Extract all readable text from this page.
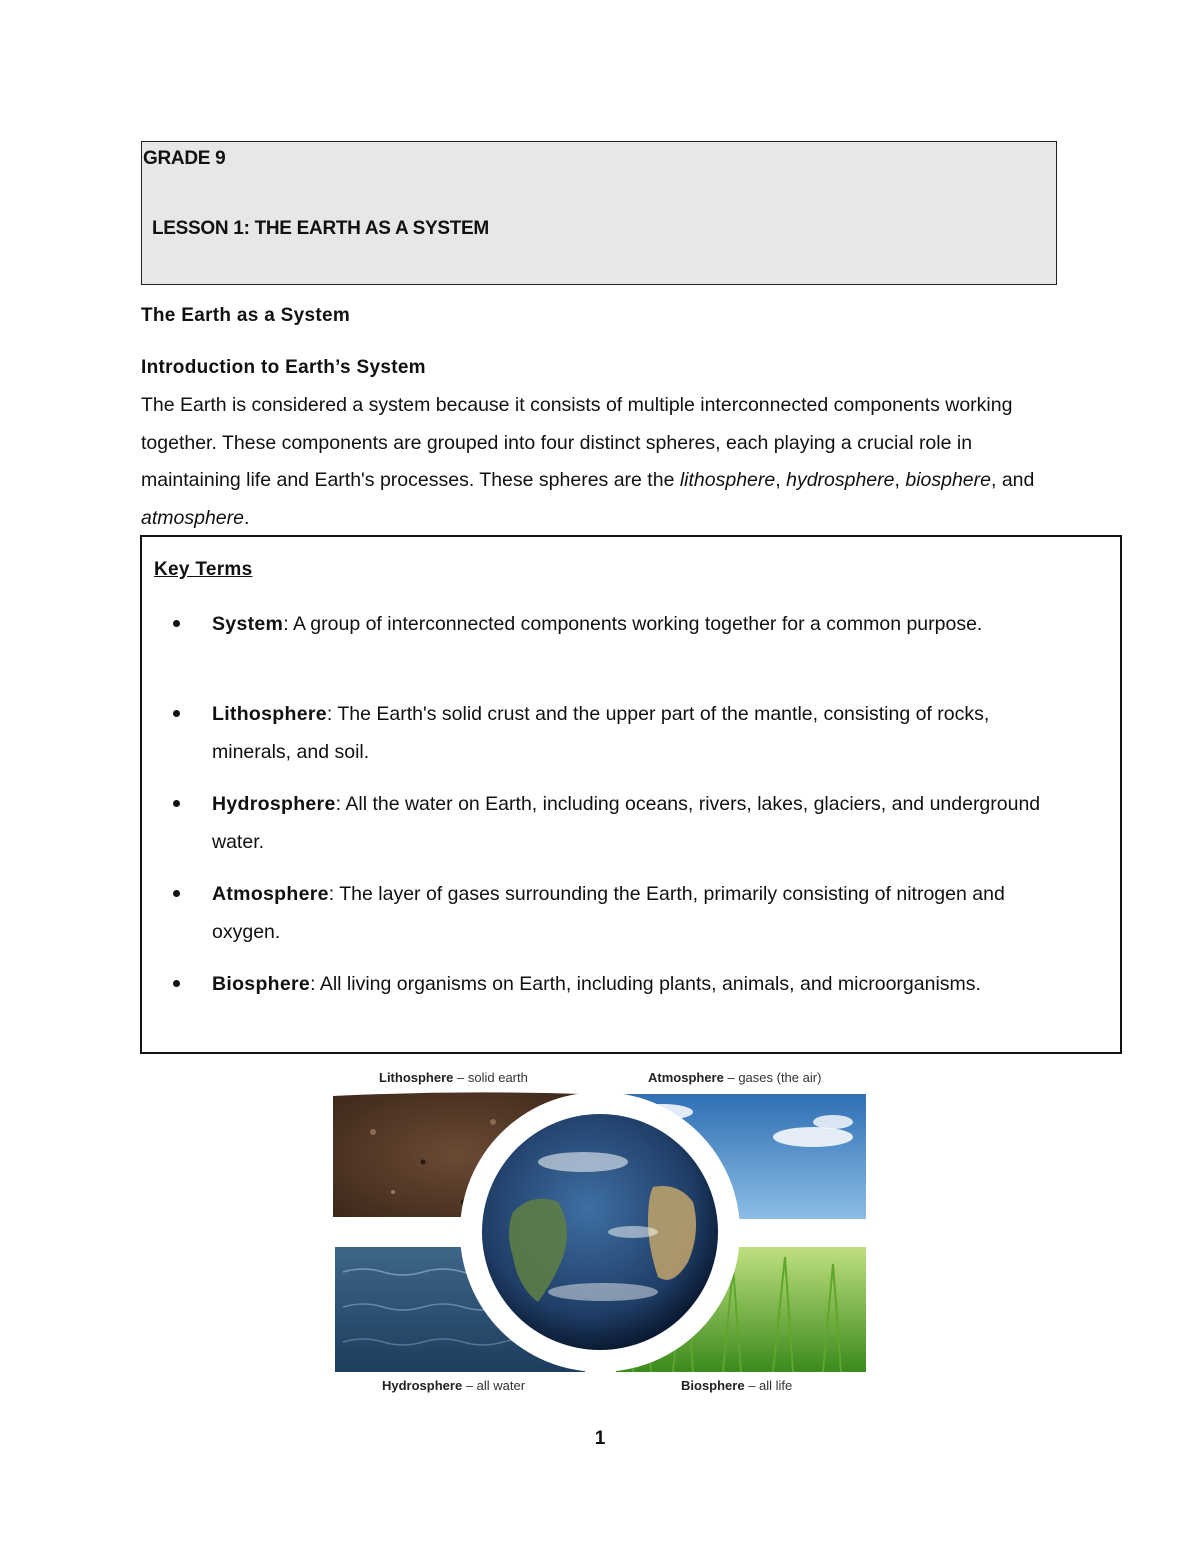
GRADE 9
LESSON 1: THE EARTH AS A SYSTEM
The Earth as a System
Introduction to Earth’s System
The Earth is considered a system because it consists of multiple interconnected components working together. These components are grouped into four distinct spheres, each playing a crucial role in maintaining life and Earth's processes. These spheres are the lithosphere, hydrosphere, biosphere, and atmosphere.
Key Terms
System: A group of interconnected components working together for a common purpose.
Lithosphere: The Earth's solid crust and the upper part of the mantle, consisting of rocks, minerals, and soil.
Hydrosphere: All the water on Earth, including oceans, rivers, lakes, glaciers, and underground water.
Atmosphere: The layer of gases surrounding the Earth, primarily consisting of nitrogen and oxygen.
Biosphere: All living organisms on Earth, including plants, animals, and microorganisms.
Lithosphere – solid earth	Atmosphere – gases (the air)
Hydrosphere – all water	Biosphere – all life
1
